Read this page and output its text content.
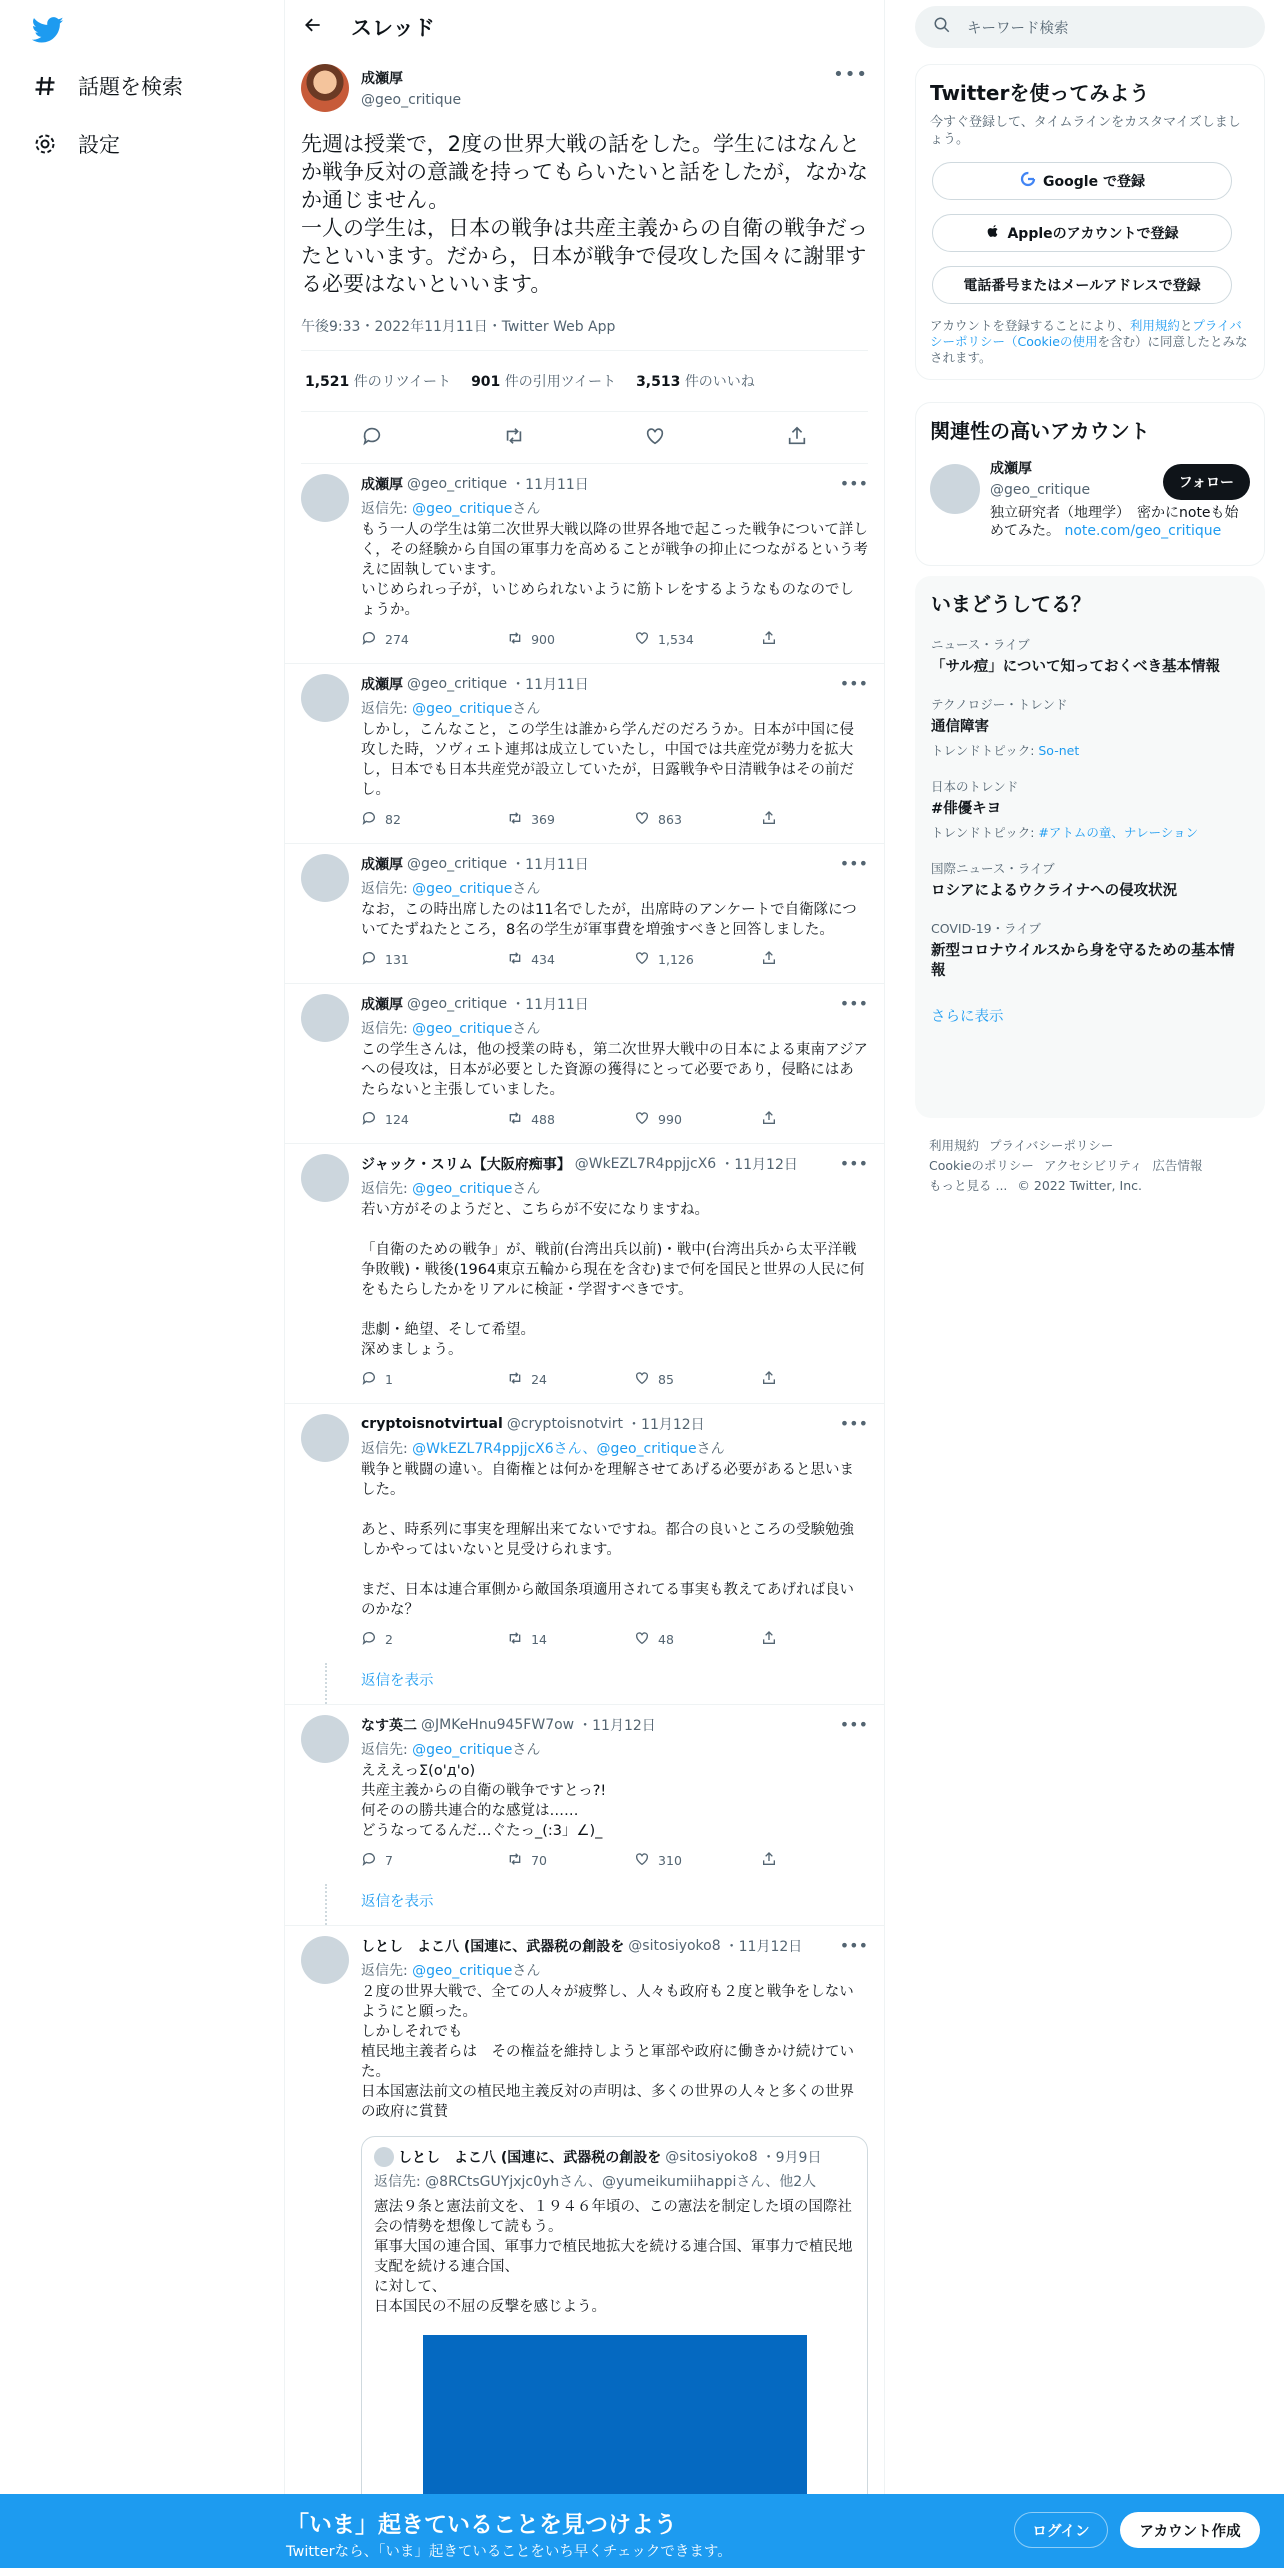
話題を検索
設定
スレッド
成瀬厚
@geo_critique
•••
先週は授業で，2度の世界大戦の話をした。学生にはなんとか戦争反対の意識を持ってもらいたいと話をしたが，なかなか通じません。
一人の学生は，日本の戦争は共産主義からの自衛の戦争だったといいます。だから，日本が戦争で侵攻した国々に謝罪する必要はないといいます。
午後9:33・2022年11月11日・Twitter Web App
1,521 件のリツイート 901 件の引用ツイート 3,513 件のいいね
成瀬厚 @geo_critique ・11月11日
返信先: @geo_critiqueさん
もう一人の学生は第二次世界大戦以降の世界各地で起こった戦争について詳しく，その経験から自国の軍事力を高めることが戦争の抑止につながるという考えに固執しています。
いじめられっ子が，いじめられないように筋トレをするようなものなのでしょうか。
274	900	1,534
•••
成瀬厚 @geo_critique ・11月11日
返信先: @geo_critiqueさん
しかし，こんなこと，この学生は誰から学んだのだろうか。日本が中国に侵攻した時，ソヴィエト連邦は成立していたし，中国では共産党が勢力を拡大し，日本でも日本共産党が設立していたが，日露戦争や日清戦争はその前だし。
82	369	863
•••
成瀬厚 @geo_critique ・11月11日
返信先: @geo_critiqueさん
なお，この時出席したのは11名でしたが，出席時のアンケートで自衛隊についてたずねたところ，8名の学生が軍事費を増強すべきと回答しました。
131	434	1,126
•••
成瀬厚 @geo_critique ・11月11日
返信先: @geo_critiqueさん
この学生さんは，他の授業の時も，第二次世界大戦中の日本による東南アジアへの侵攻は，日本が必要とした資源の獲得にとって必要であり，侵略にはあたらないと主張していました。
124	488	990
•••
ジャック・スリム【大阪府痴事】 @WkEZL7R4ppjjcX6 ・11月12日
返信先: @geo_critiqueさん
若い方がそのようだと、こちらが不安になりますね。

「自衛のための戦争」が、戦前(台湾出兵以前)・戦中(台湾出兵から太平洋戦争敗戦)・戦後(1964東京五輪から現在を含む)まで何を国民と世界の人民に何をもたらしたかをリアルに検証・学習すべきです。

悲劇・絶望、そして希望。
深めましょう。
1	24	85
•••
cryptoisnotvirtual @cryptoisnotvirt ・11月12日
返信先: @WkEZL7R4ppjjcX6さん、@geo_critiqueさん
戦争と戦闘の違い。自衛権とは何かを理解させてあげる必要があると思いました。

あと、時系列に事実を理解出来てないですね。都合の良いところの受験勉強しかやってはいないと見受けられます。

まだ、日本は連合軍側から敵国条項適用されてる事実も教えてあげれば良いのかな？
2	14	48
•••
返信を表示
なす英二 @JMKeHnu945FW7ow ・11月12日
返信先: @geo_critiqueさん
えええっΣ(o'д'o)
共産主義からの自衛の戦争ですとっ?!
何そのの勝共連合的な感覚は……
どうなってるんだ…ぐたっ_(:3」∠)_
7	70	310
•••
返信を表示
しとし　よこ八 (国連に、武器税の創設を @sitosiyoko8 ・11月12日
返信先: @geo_critiqueさん
２度の世界大戦で、全ての人々が疲弊し、人々も政府も２度と戦争をしないようにと願った。
しかしそれでも
植民地主義者らは　その権益を維持しようと軍部や政府に働きかけ続けていた。
日本国憲法前文の植民地主義反対の声明は、多くの世界の人々と多くの世界の政府に賞賛
しとし　よこ八 (国連に、武器税の創設を @sitosiyoko8 ・9月9日
返信先: @8RCtsGUYjxjc0yhさん、@yumeikumiihappiさん、他2人
憲法９条と憲法前文を、１９４６年頃の、この憲法を制定した頃の国際社会の情勢を想像して読もう。
軍事大国の連合国、軍事力で植民地拡大を続ける連合国、軍事力で植民地支配を続ける連合国、
に対して、
日本国民の不屈の反撃を感じよう。
•••
キーワード検索
Twitterを使ってみよう
今すぐ登録して、タイムラインをカスタマイズしましょう。
Google で登録
Appleのアカウントで登録
電話番号またはメールアドレスで登録
アカウントを登録することにより、利用規約とプライバシーポリシー（Cookieの使用を含む）に同意したとみなされます。
関連性の高いアカウント
成瀬厚
@geo_critique
独立研究者（地理学）　密かにnoteも始めてみた。 note.com/geo_critique
フォロー
いまどうしてる？
ニュース・ライブ
「サル痘」について知っておくべき基本情報
テクノロジー・トレンド
通信障害
トレンドトピック: So-net
日本のトレンド
#俳優キヨ
トレンドトピック: #アトムの童、ナレーション
国際ニュース・ライブ
ロシアによるウクライナへの侵攻状況
COVID-19・ライブ
新型コロナウイルスから身を守るための基本情報
さらに表示
利用規約 プライバシーポリシー
Cookieのポリシー アクセシビリティ 広告情報
もっと見る ... © 2022 Twitter, Inc.
「いま」起きていることを見つけよう
Twitterなら、「いま」起きていることをいち早くチェックできます。
ログイン	アカウント作成
